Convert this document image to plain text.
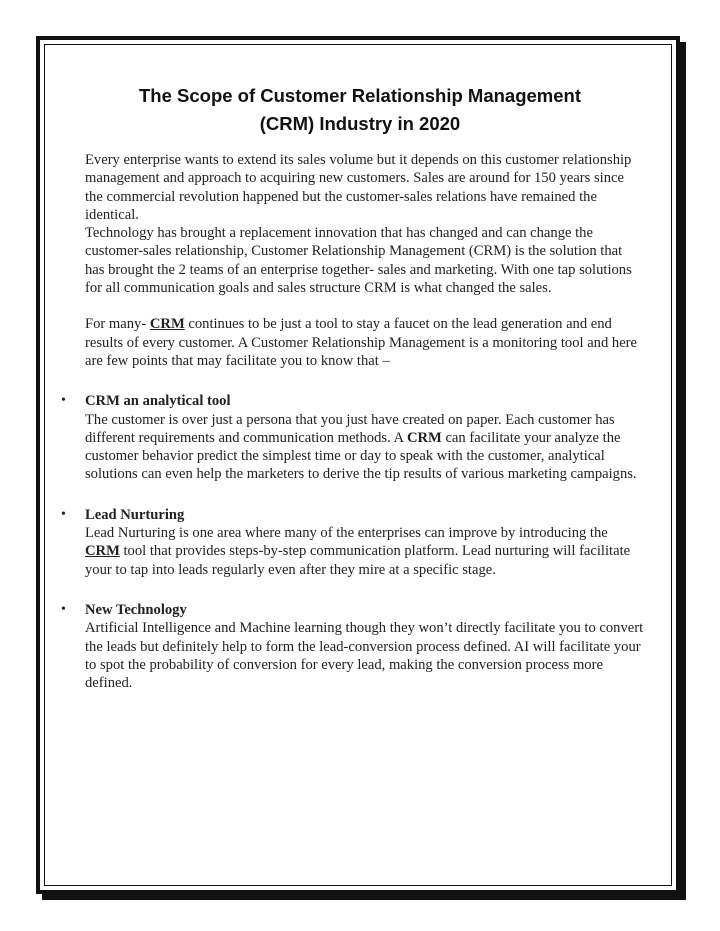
The Scope of Customer Relationship Management
(CRM) Industry in 2020

Every enterprise wants to extend its sales volume but it depends on this customer relationship management and approach to acquiring new customers. Sales are around for 150 years since the commercial revolution happened but the customer-sales relations have remained the identical.

Technology has brought a replacement innovation that has changed and can change the customer-sales relationship, Customer Relationship Management (CRM) is the solution that has brought the 2 teams of an enterprise together- sales and marketing. With one tap solutions for all communication goals and sales structure CRM is what changed the sales.

For many- CRM continues to be just a tool to stay a faucet on the lead generation and end results of every customer. A Customer Relationship Management is a monitoring tool and here are few points that may facilitate you to know that –

• CRM an analytical tool

The customer is over just a persona that you just have created on paper. Each customer has different requirements and communication methods. A CRM can facilitate your analyze the customer behavior predict the simplest time or day to speak with the customer, analytical solutions can even help the marketers to derive the tip results of various marketing campaigns.

• Lead Nurturing

Lead Nurturing is one area where many of the enterprises can improve by introducing the CRM tool that provides steps-by-step communication platform. Lead nurturing will facilitate your to tap into leads regularly even after they mire at a specific stage.

• New Technology

Artificial Intelligence and Machine learning though they won’t directly facilitate you to convert the leads but definitely help to form the lead-conversion process defined. AI will facilitate your to spot the probability of conversion for every lead, making the conversion process more defined.
